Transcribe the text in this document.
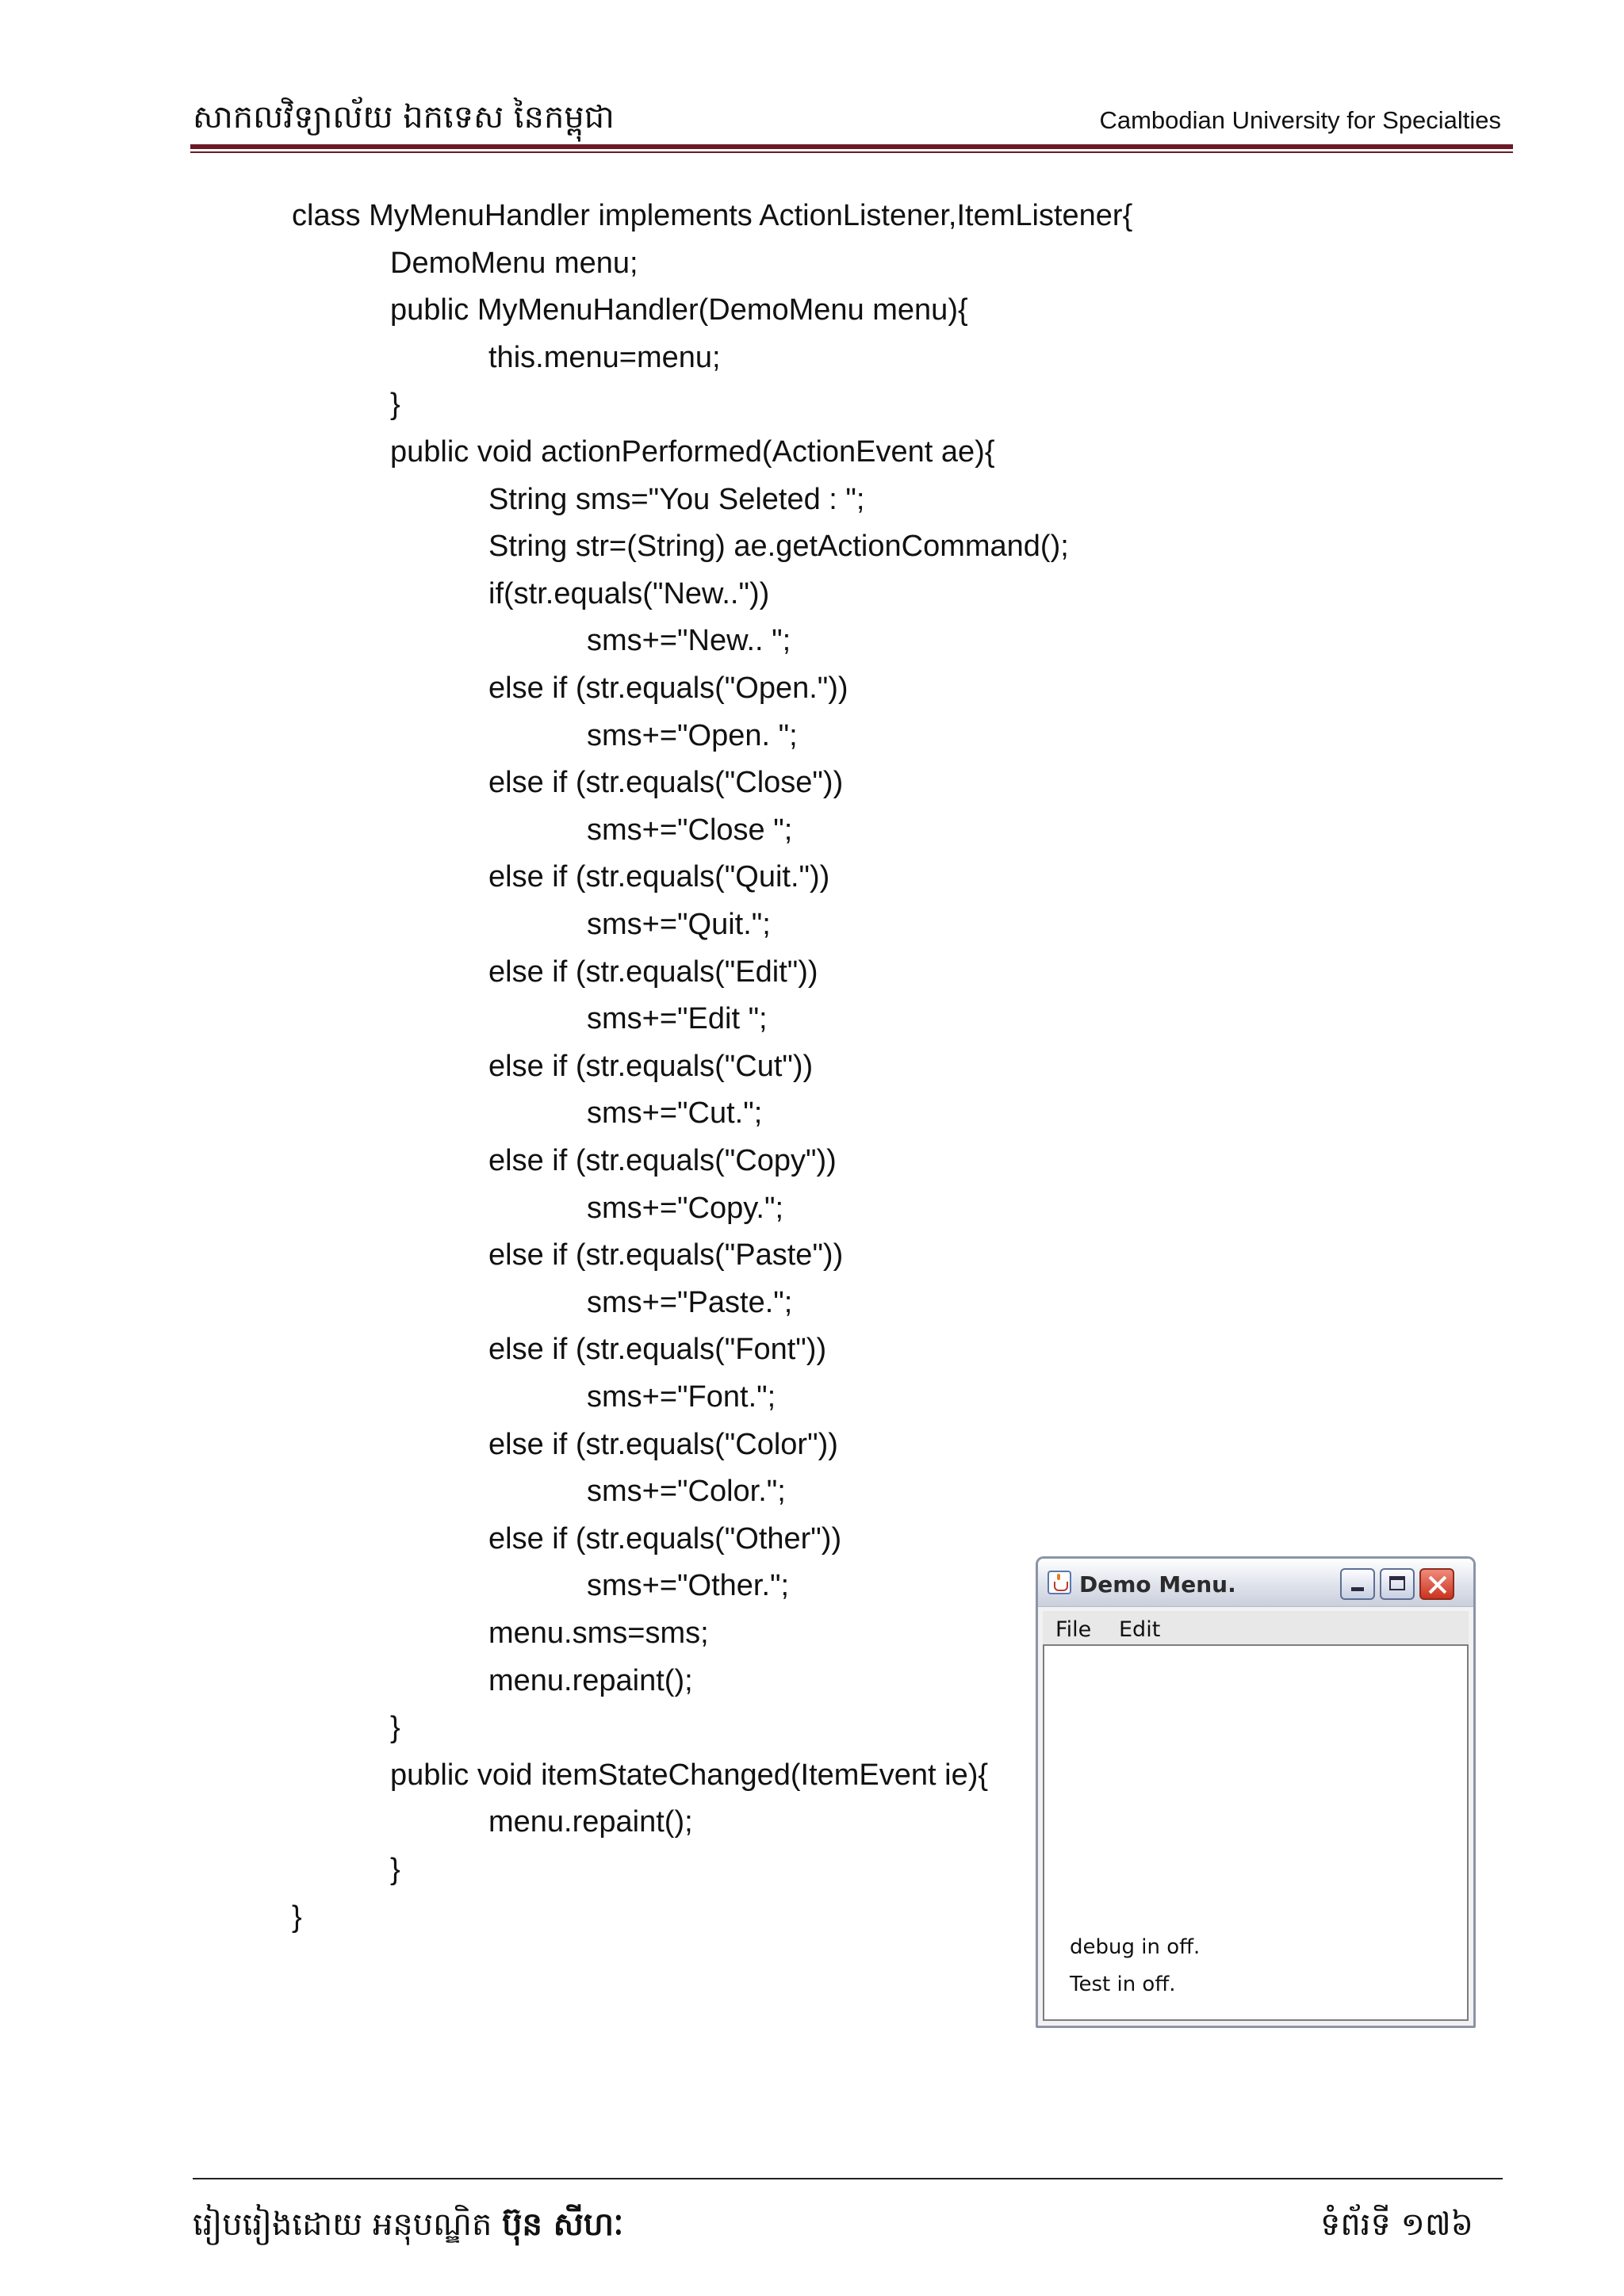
សាកលវិទ្យាល័យ ឯកទេស នៃកម្ពុជា	Cambodian University for Specialties
class MyMenuHandler implements ActionListener,ItemListener{
DemoMenu menu;
public MyMenuHandler(DemoMenu menu){
this.menu=menu;
}
public void actionPerformed(ActionEvent ae){
String sms="You Seleted : ";
String str=(String) ae.getActionCommand();
if(str.equals("New.."))
sms+="New.. ";
else if (str.equals("Open."))
sms+="Open. ";
else if (str.equals("Close"))
sms+="Close ";
else if (str.equals("Quit."))
sms+="Quit.";
else if (str.equals("Edit"))
sms+="Edit ";
else if (str.equals("Cut"))
sms+="Cut.";
else if (str.equals("Copy"))
sms+="Copy.";
else if (str.equals("Paste"))
sms+="Paste.";
else if (str.equals("Font"))
sms+="Font.";
else if (str.equals("Color"))
sms+="Color.";
else if (str.equals("Other"))
sms+="Other.";
menu.sms=sms;
menu.repaint();
}
public void itemStateChanged(ItemEvent ie){
menu.repaint();
}
}
Demo Menu.
File Edit
debug in off.
Test in off.
រៀបរៀងដោយ អនុបណ្ឌិត ប៊ុន សីហៈ	ទំព័រទី ១៧៦
